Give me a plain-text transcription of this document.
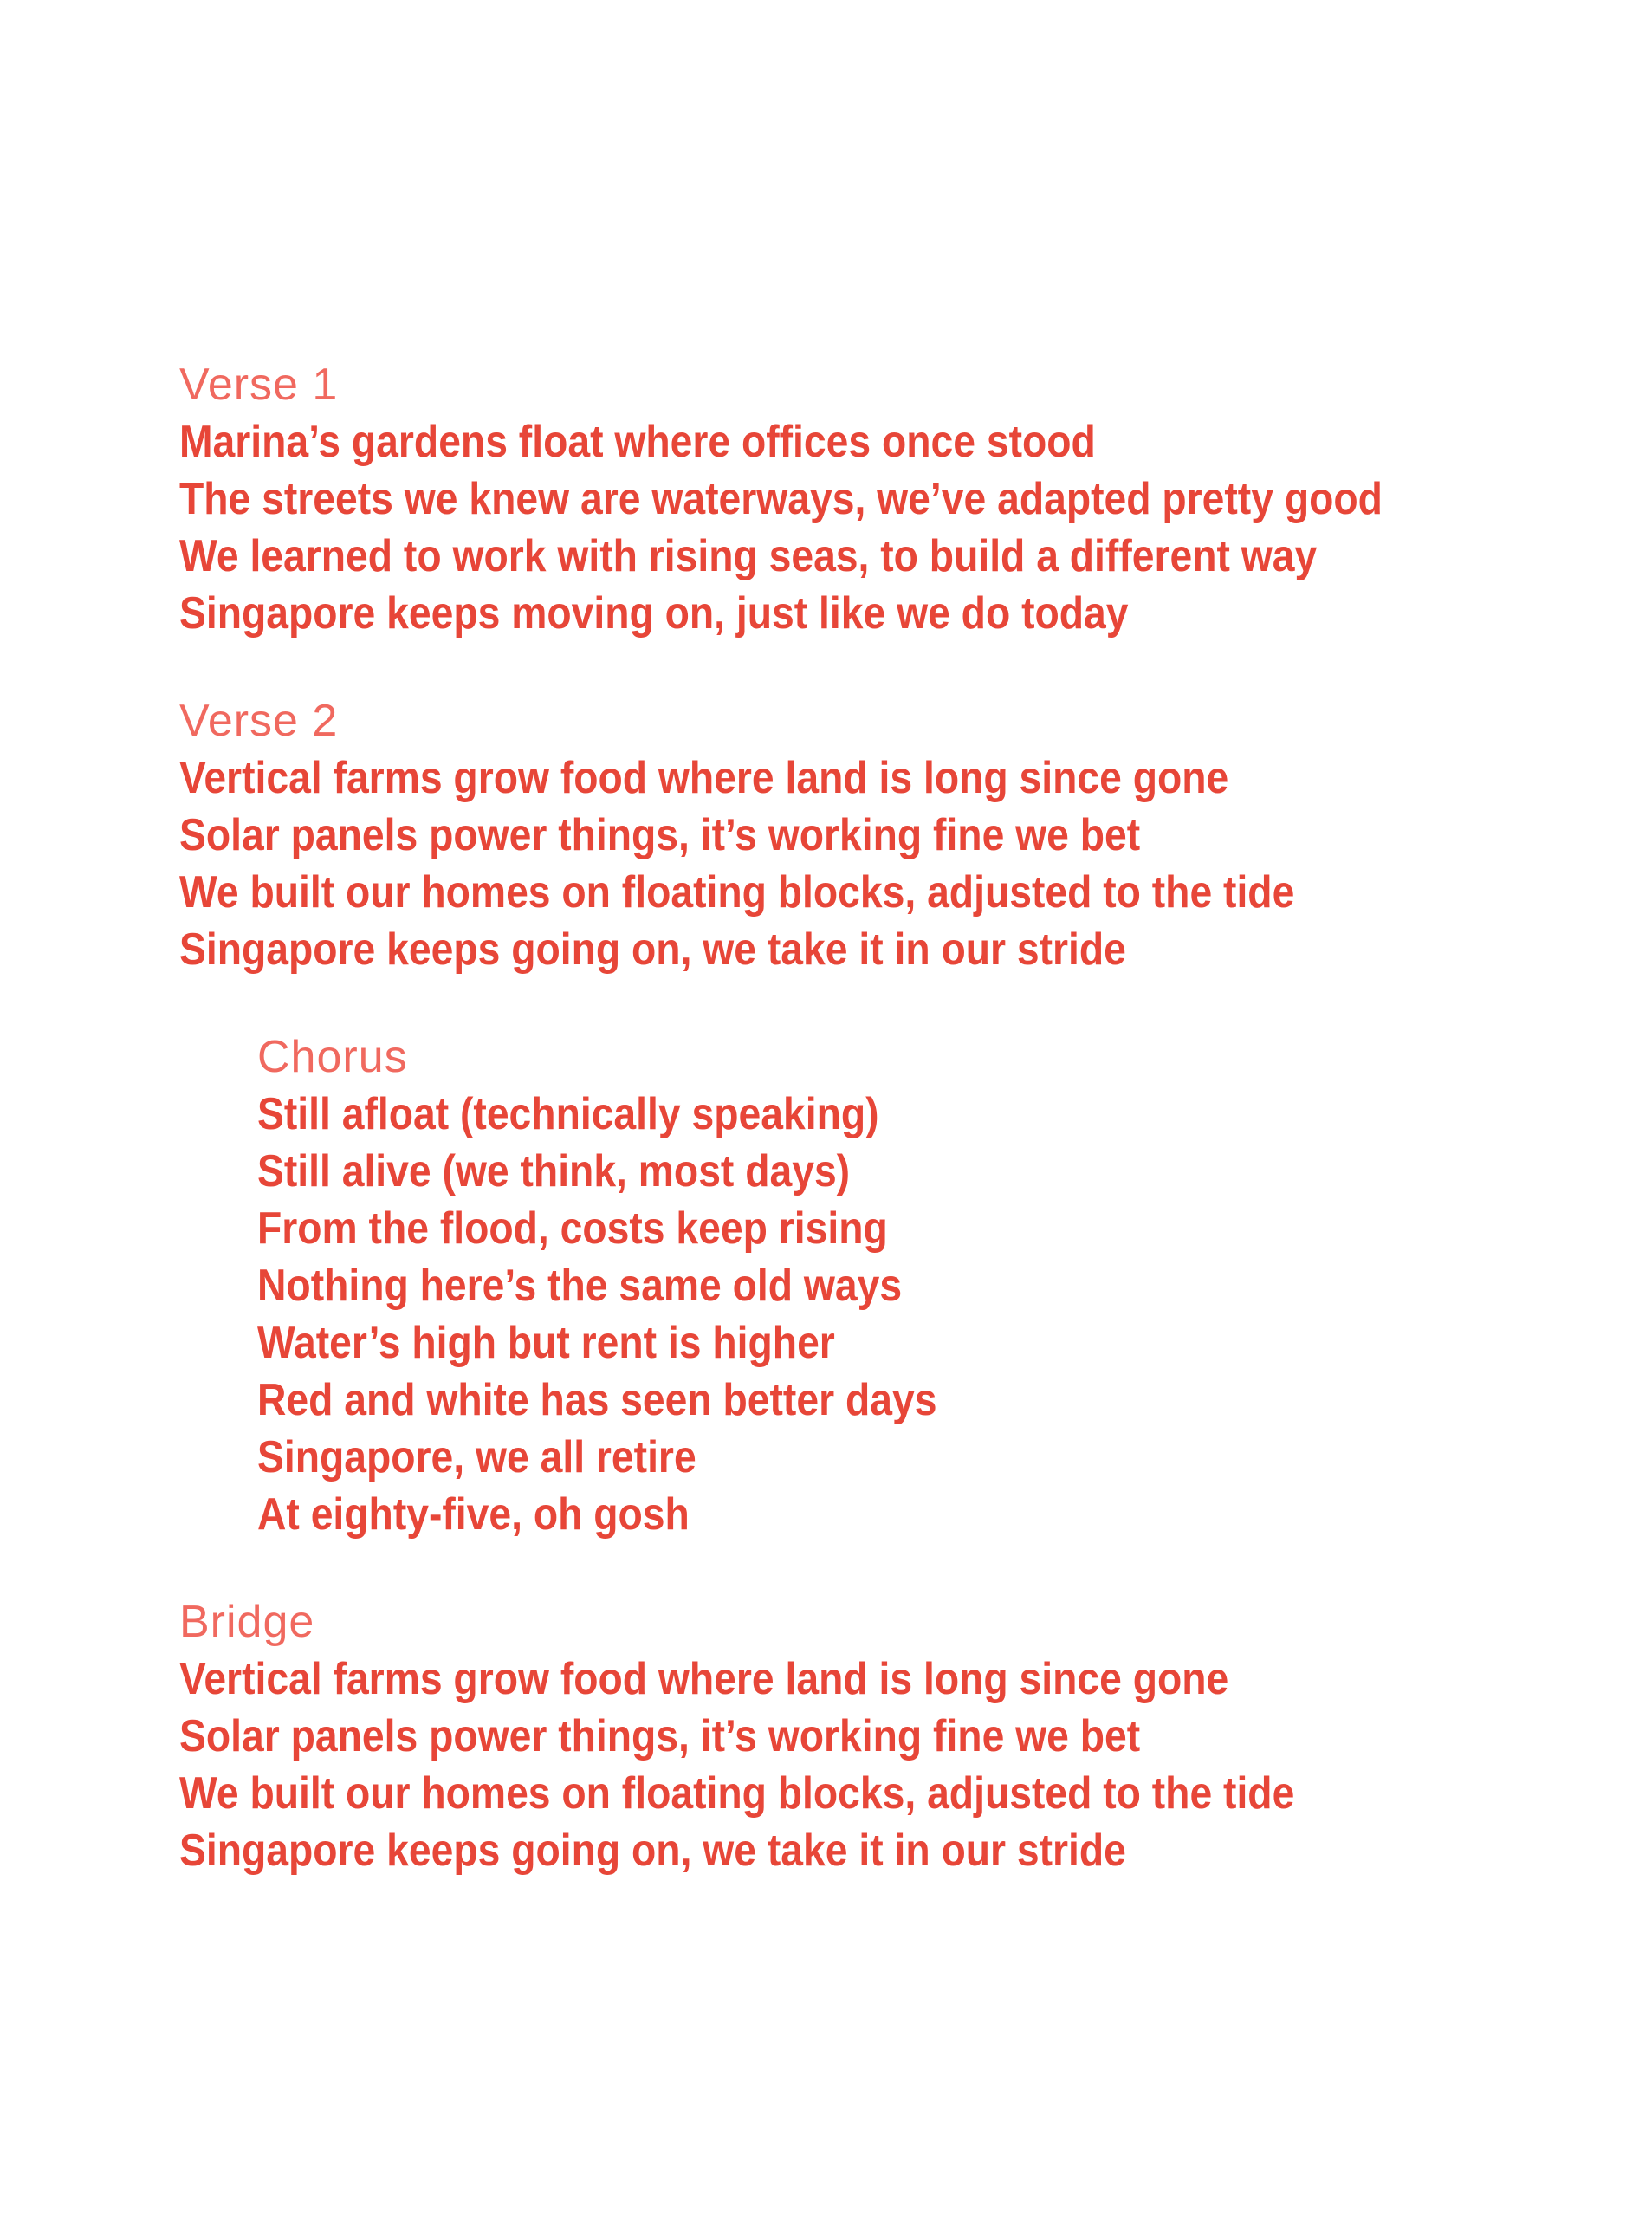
Verse 1
Marina’s gardens float where offices once stood
The streets we knew are waterways, we’ve adapted pretty good
We learned to work with rising seas, to build a different way
Singapore keeps moving on, just like we do today
Verse 2
Vertical farms grow food where land is long since gone
Solar panels power things, it’s working fine we bet
We built our homes on floating blocks, adjusted to the tide
Singapore keeps going on, we take it in our stride
Chorus
Still afloat (technically speaking)
Still alive (we think, most days)
From the flood, costs keep rising
Nothing here’s the same old ways
Water’s high but rent is higher
Red and white has seen better days
Singapore, we all retire
At eighty-five, oh gosh
Bridge
Vertical farms grow food where land is long since gone
Solar panels power things, it’s working fine we bet
We built our homes on floating blocks, adjusted to the tide
Singapore keeps going on, we take it in our stride
